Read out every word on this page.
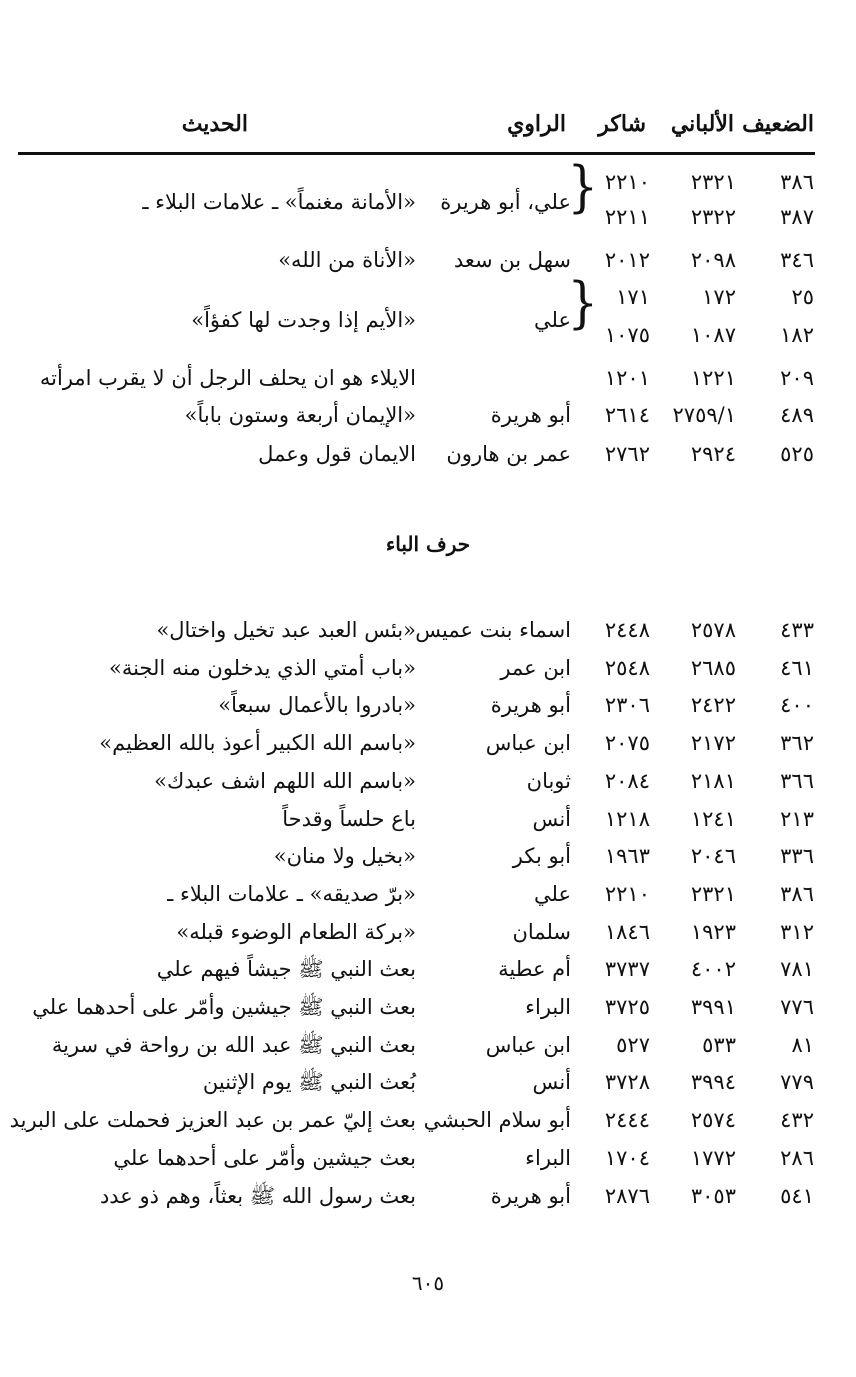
الضعيف
الألباني
شاكر
الراوي
الحديث
٣٨٦
٢٣٢١
٢٢١٠
٣٨٧
٢٣٢٢
٢٢١١
}
علي، أبو هريرة
«الأمانة مغنماً» ـ علامات البلاء ـ
٣٤٦
٢٠٩٨
٢٠١٢
سهل بن سعد
«الأناة من الله»
٢٥
١٧٢
١٧١
١٨٢
١٠٨٧
١٠٧٥
}
علي
«الأيم إذا وجدت لها كفؤاً»
٢٠٩
١٢٢١
١٢٠١
الايلاء هو ان يحلف الرجل أن لا يقرب امرأته
٤٨٩
٢٧٥٩/١
٢٦١٤
أبو هريرة
«الإيمان أربعة وستون باباً»
٥٢٥
٢٩٢٤
٢٧٦٢
عمر بن هارون
الايمان قول وعمل
حرف الباء
٤٣٣
٢٥٧٨
٢٤٤٨
اسماء بنت عميس
«بئس العبد عبد تخيل واختال»
٤٦١
٢٦٨٥
٢٥٤٨
ابن عمر
«باب أمتي الذي يدخلون منه الجنة»
٤٠٠
٢٤٢٢
٢٣٠٦
أبو هريرة
«بادروا بالأعمال سبعاً»
٣٦٢
٢١٧٢
٢٠٧٥
ابن عباس
«باسم الله الكبير أعوذ بالله العظيم»
٣٦٦
٢١٨١
٢٠٨٤
ثوبان
«باسم الله اللهم اشف عبدك»
٢١٣
١٢٤١
١٢١٨
أنس
باع حلساً وقدحاً
٣٣٦
٢٠٤٦
١٩٦٣
أبو بكر
«بخيل ولا منان»
٣٨٦
٢٣٢١
٢٢١٠
علي
«برّ صديقه» ـ علامات البلاء ـ
٣١٢
١٩٢٣
١٨٤٦
سلمان
«بركة الطعام الوضوء قبله»
٧٨١
٤٠٠٢
٣٧٣٧
أم عطية
بعث النبي ﷺ جيشاً فيهم علي
٧٧٦
٣٩٩١
٣٧٢٥
البراء
بعث النبي ﷺ جيشين وأمّر على أحدهما علي
٨١
٥٣٣
٥٢٧
ابن عباس
بعث النبي ﷺ عبد الله بن رواحة في سرية
٧٧٩
٣٩٩٤
٣٧٢٨
أنس
بُعث النبي ﷺ يوم الإثنين
٤٣٢
٢٥٧٤
٢٤٤٤
أبو سلام الحبشي
بعث إليّ عمر بن عبد العزيز فحملت على البريد
٢٨٦
١٧٧٢
١٧٠٤
البراء
بعث جيشين وأمّر على أحدهما علي
٥٤١
٣٠٥٣
٢٨٧٦
أبو هريرة
بعث رسول الله ﷺ بعثاً، وهم ذو عدد
٦٠٥
